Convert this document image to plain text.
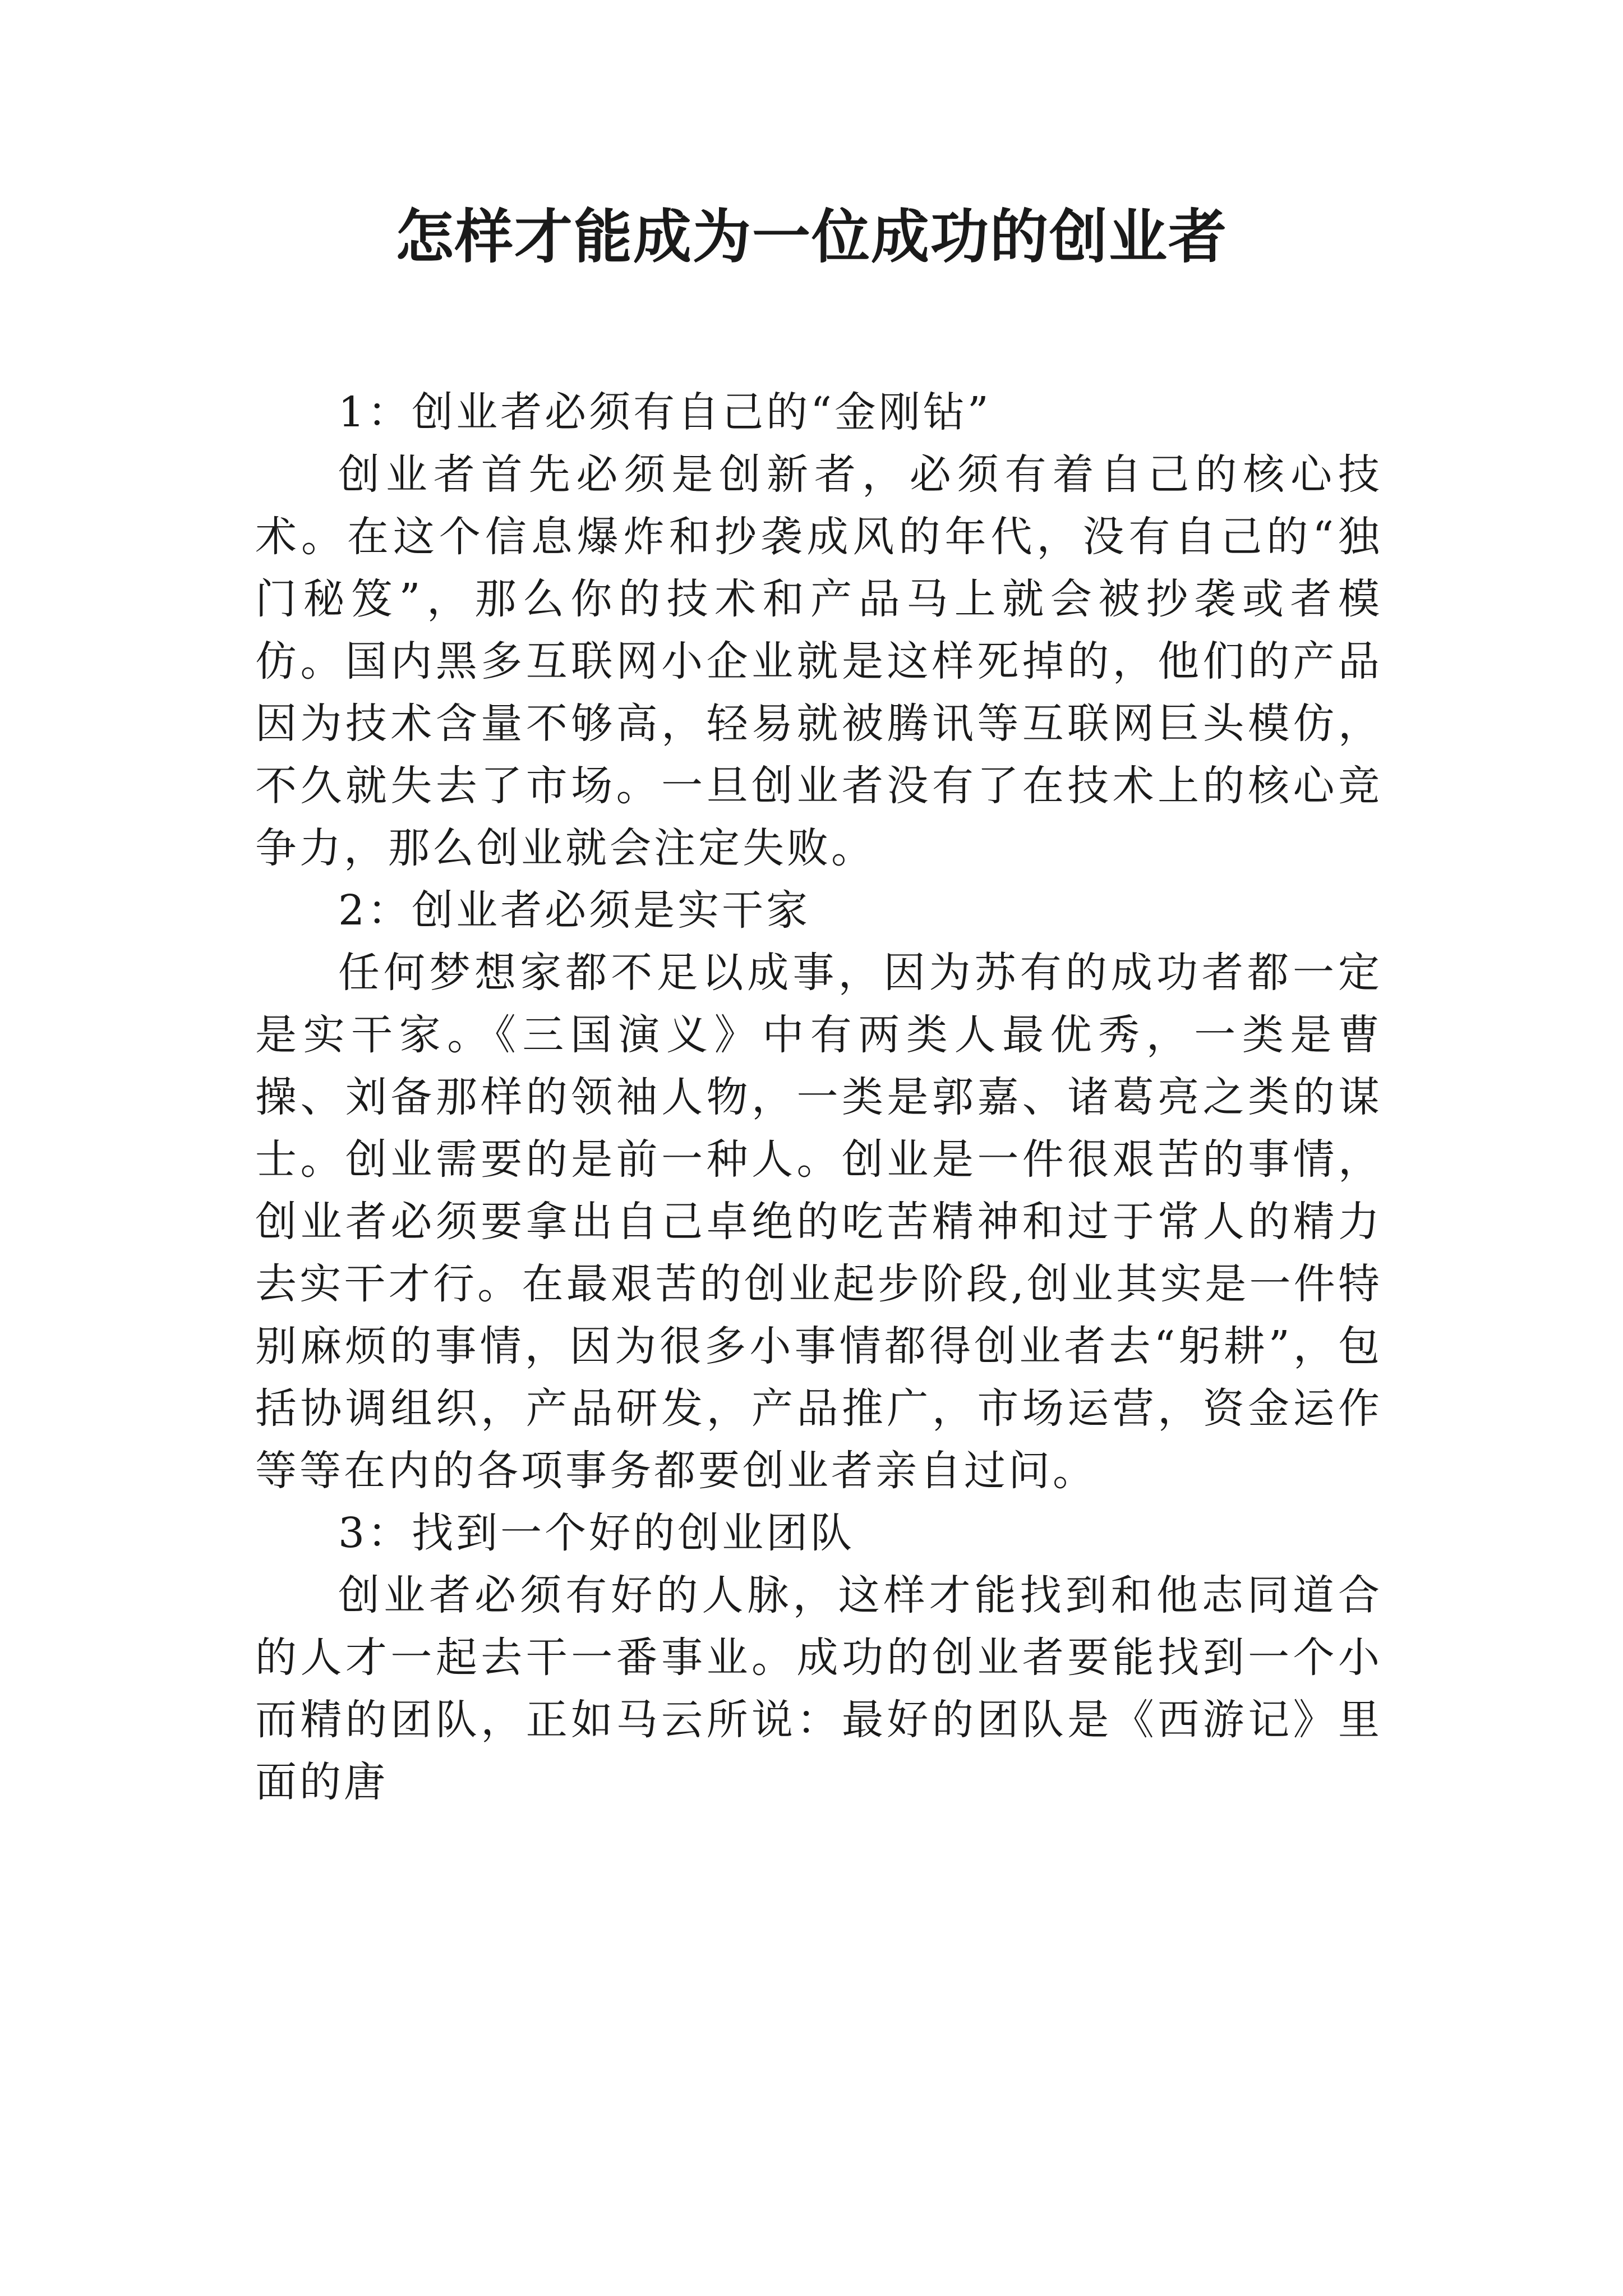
怎样才能成为一位成功的创业者

1：创业者必须有自己的“金刚钻”

创业者首先必须是创新者，必须有着自己的核心技术。在这个信息爆炸和抄袭成风的年代，没有自己的“独门秘笈”，那么你的技术和产品马上就会被抄袭或者模仿。国内黑多互联网小企业就是这样死掉的，他们的产品因为技术含量不够高，轻易就被腾讯等互联网巨头模仿，不久就失去了市场。一旦创业者没有了在技术上的核心竞争力，那么创业就会注定失败。

2：创业者必须是实干家

任何梦想家都不足以成事，因为苏有的成功者都一定是实干家。《三国演义》中有两类人最优秀，一类是曹操、刘备那样的领袖人物，一类是郭嘉、诸葛亮之类的谋士。创业需要的是前一种人。创业是一件很艰苦的事情，创业者必须要拿出自己卓绝的吃苦精神和过于常人的精力去实干才行。在最艰苦的创业起步阶段,创业其实是一件特别麻烦的事情，因为很多小事情都得创业者去“躬耕”，包括协调组织，产品研发，产品推广，市场运营，资金运作等等在内的各项事务都要创业者亲自过问。

3：找到一个好的创业团队

创业者必须有好的人脉，这样才能找到和他志同道合的人才一起去干一番事业。成功的创业者要能找到一个小而精的团队，正如马云所说：最好的团队是《西游记》里面的唐
